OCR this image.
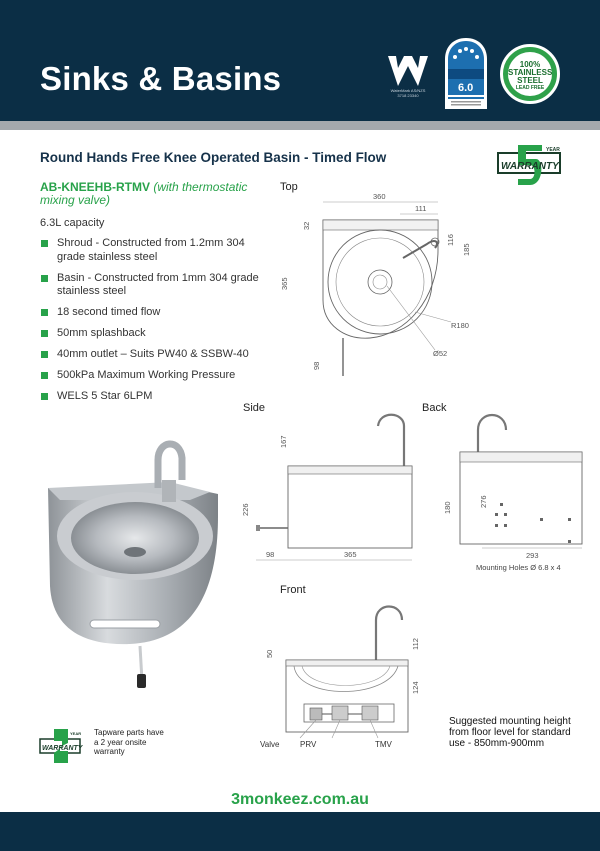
Sinks & Basins	WaterMark AS/NZS 3718 23340
6.0
100%
STAINLESS
STEEL
LEAD FREE
Round Hands Free Knee Operated Basin - Timed Flow
WARRANTY
YEAR
AB-KNEEHB-RTMV (with thermostatic mixing valve)
6.3L capacity
Shroud - Constructed from 1.2mm 304 grade stainless steel
Basin - Constructed from 1mm 304 grade stainless steel
18 second timed flow
50mm splashback
40mm outlet – Suits PW40 & SSBW-40
500kPa Maximum Working Pressure
WELS 5 Star 6LPM
Top
360
111
32
116
185
365
98
R180
Ø52
Side
167
226
98	365
Back
276
180
293
Mounting Holes Ø 6.8 x 4
Front
50
112
124
Valve	PRV	TMV
WARRANTY
YEAR Tapware parts have a 2 year onsite warranty
Suggested mounting height from floor level for standard use - 850mm-900mm
3monkeez.com.au
